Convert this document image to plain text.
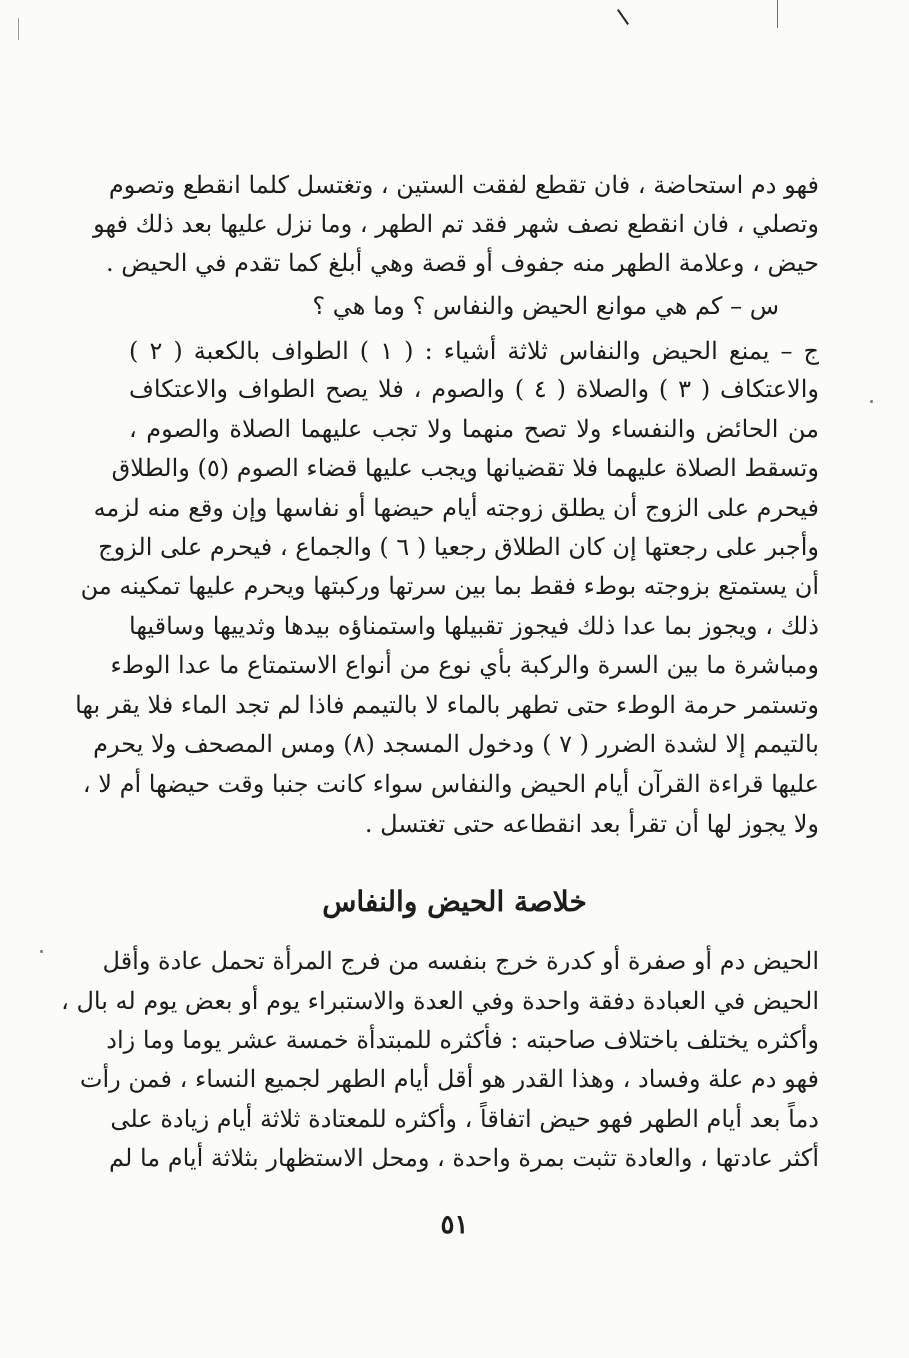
فهو دم استحاضة ، فان تقطع لفقت الستين ، وتغتسل كلما انقطع وتصوم
وتصلي ، فان انقطع نصف شهر فقد تم الطهر ، وما نزل عليها بعد ذلك فهو
حيض ، وعلامة الطهر منه جفوف أو قصة وهي أبلغ كما تقدم في الحيض .
س – كم هي موانع الحيض والنفاس ؟ وما هي ؟
ج – يمنع الحيض والنفاس ثلاثة أشياء : ( ١ ) الطواف بالكعبة ( ٢ )
والاعتكاف ( ٣ ) والصلاة ( ٤ ) والصوم ، فلا يصح الطواف والاعتكاف
من الحائض والنفساء ولا تصح منهما ولا تجب عليهما الصلاة والصوم ،
وتسقط الصلاة عليهما فلا تقضيانها ويجب عليها قضاء الصوم (٥) والطلاق
فيحرم على الزوج أن يطلق زوجته أيام حيضها أو نفاسها وإن وقع منه لزمه
وأجبر على رجعتها إن كان الطلاق رجعيا ( ٦ ) والجماع ، فيحرم على الزوج
أن يستمتع بزوجته بوطء فقط بما بين سرتها وركبتها ويحرم عليها تمكينه من
ذلك ، ويجوز بما عدا ذلك فيجوز تقبيلها واستمناؤه بيدها وثدييها وساقيها
ومباشرة ما بين السرة والركبة بأي نوع من أنواع الاستمتاع ما عدا الوطء
وتستمر حرمة الوطء حتى تطهر بالماء لا بالتيمم فاذا لم تجد الماء فلا يقر بها
بالتيمم إلا لشدة الضرر ( ٧ ) ودخول المسجد (٨) ومس المصحف ولا يحرم
عليها قراءة القرآن أيام الحيض والنفاس سواء كانت جنبا وقت حيضها أم لا ،
ولا يجوز لها أن تقرأ بعد انقطاعه حتى تغتسل .
خلاصة الحيض والنفاس
الحيض دم أو صفرة أو كدرة خرج بنفسه من فرج المرأة تحمل عادة وأقل
الحيض في العبادة دفقة واحدة وفي العدة والاستبراء يوم أو بعض يوم له بال ،
وأكثره يختلف باختلاف صاحبته : فأكثره للمبتدأة خمسة عشر يوما وما زاد
فهو دم علة وفساد ، وهذا القدر هو أقل أيام الطهر لجميع النساء ، فمن رأت
دماً بعد أيام الطهر فهو حيض اتفاقاً ، وأكثره للمعتادة ثلاثة أيام زيادة على
أكثر عادتها ، والعادة تثبت بمرة واحدة ، ومحل الاستظهار بثلاثة أيام ما لم
٥١
